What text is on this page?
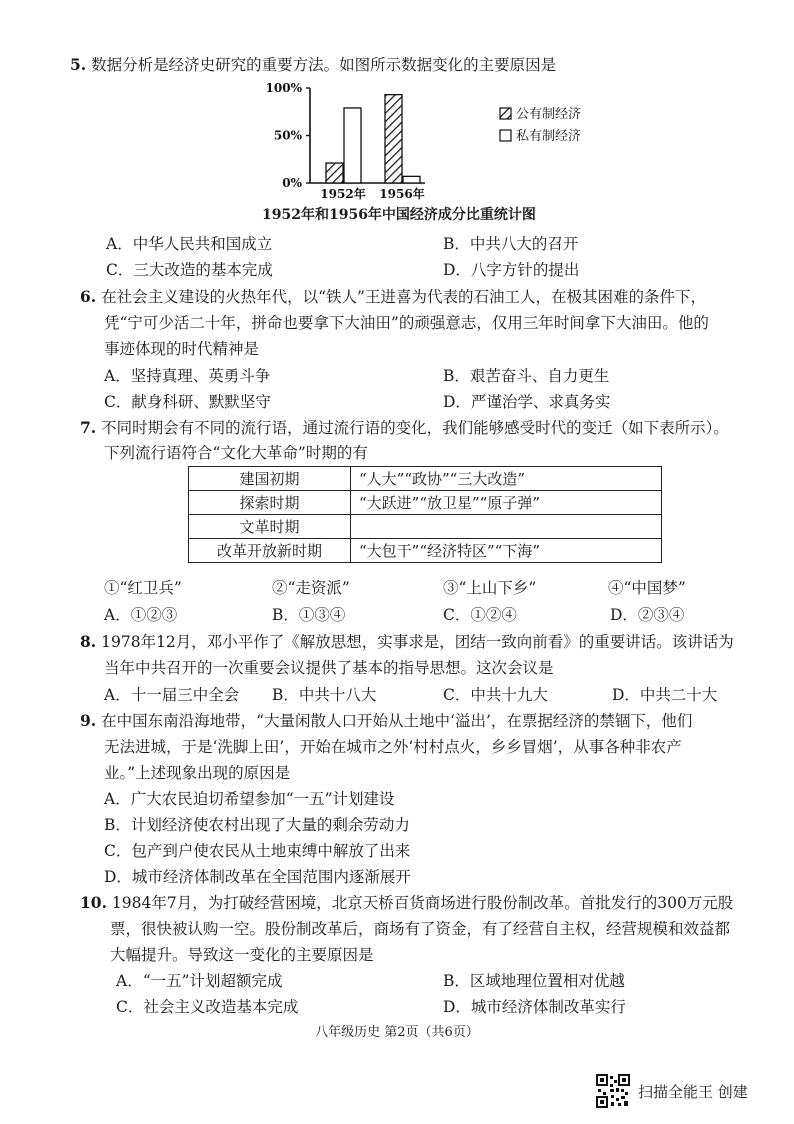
5. 数据分析是经济史研究的重要方法。如图所示数据变化的主要原因是
0%
50%
100%
1952年 1956年
公有制经济
私有制经济
1952年和1956年中国经济成分比重统计图
A．中华人民共和国成立	B．中共八大的召开
C．三大改造的基本完成	D．八字方针的提出
6. 在社会主义建设的火热年代，以“铁人”王进喜为代表的石油工人，在极其困难的条件下，
凭“宁可少活二十年，拼命也要拿下大油田”的顽强意志，仅用三年时间拿下大油田。他的
事迹体现的时代精神是
A．坚持真理、英勇斗争	B．艰苦奋斗、自力更生
C．献身科研、默默坚守	D．严谨治学、求真务实
7. 不同时期会有不同的流行语，通过流行语的变化，我们能够感受时代的变迁（如下表所示）。
下列流行语符合“文化大革命”时期的有
建国初期	“人大”“政协”“三大改造”
探索时期	“大跃进”“放卫星”“原子弹”
文革时期	
改革开放新时期	“大包干”“经济特区”“下海”
①“红卫兵”	②“走资派”	③“上山下乡”	④“中国梦”
A．①②③	B．①③④	C．①②④	D．②③④
8. 1978年12月，邓小平作了《解放思想，实事求是，团结一致向前看》的重要讲话。该讲话为
当年中共召开的一次重要会议提供了基本的指导思想。这次会议是
A．十一届三中全会 B．中共十八大	C．中共十九大	D．中共二十大
9. 在中国东南沿海地带，“大量闲散人口开始从土地中‘溢出’，在票据经济的禁锢下，他们
无法进城，于是‘洗脚上田’，开始在城市之外‘村村点火，乡乡冒烟’，从事各种非农产
业。”上述现象出现的原因是
A．广大农民迫切希望参加“一五”计划建设
B．计划经济使农村出现了大量的剩余劳动力
C．包产到户使农民从土地束缚中解放了出来
D．城市经济体制改革在全国范围内逐渐展开
10. 1984年7月，为打破经营困境，北京天桥百货商场进行股份制改革。首批发行的300万元股
票，很快被认购一空。股份制改革后，商场有了资金，有了经营自主权，经营规模和效益都
大幅提升。导致这一变化的主要原因是
A．“一五”计划超额完成	B．区域地理位置相对优越
C．社会主义改造基本完成	D．城市经济体制改革实行
八年级历史 第2页（共6页）
扫描全能王 创建
